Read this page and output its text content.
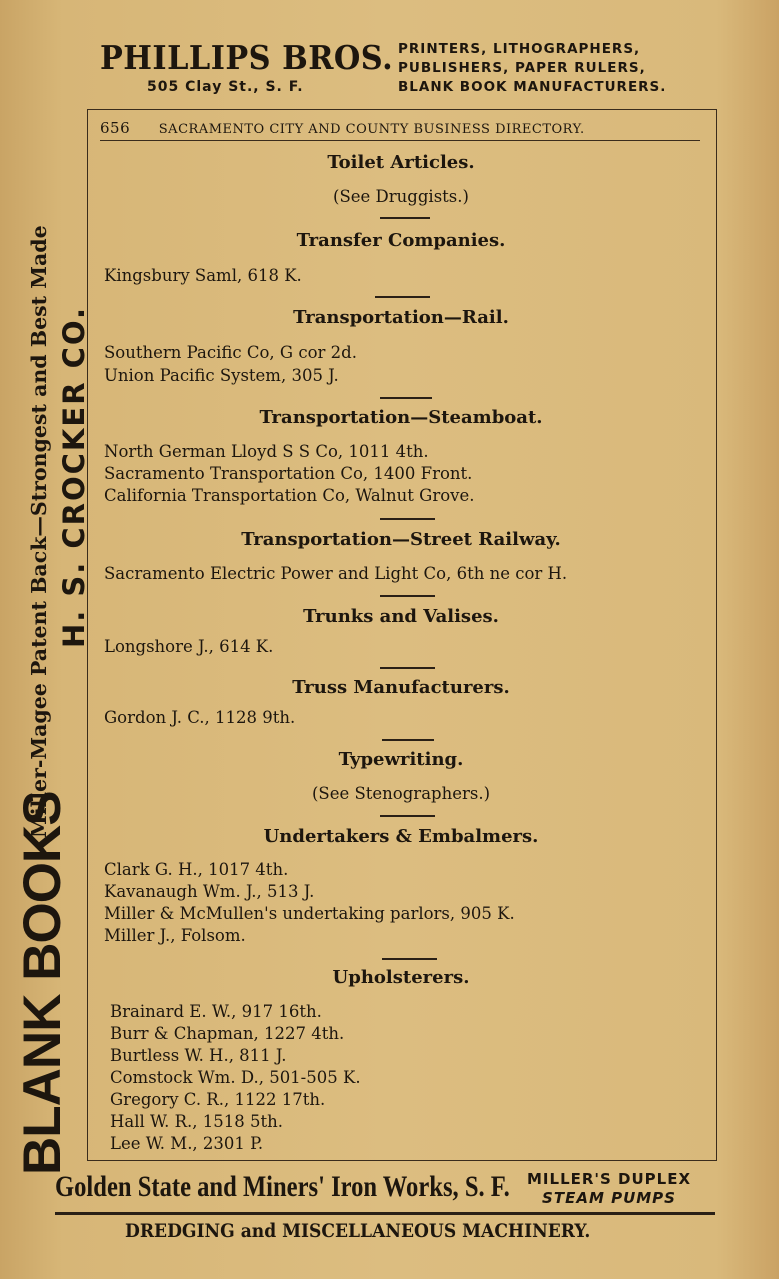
PHILLIPS BROS.
505 Clay St., S. F.
PRINTERS, LITHOGRAPHERS,
PUBLISHERS, PAPER RULERS,
BLANK BOOK MANUFACTURERS.
BLANK BOOKS
Miller-Magee Patent Back—Strongest and Best Made H. S. CROCKER CO.
656 SACRAMENTO CITY AND COUNTY BUSINESS DIRECTORY.
Toilet Articles.
(See Druggists.)
Transfer Companies.
Kingsbury Saml, 618 K.
Transportation—Rail.
Southern Pacific Co, G cor 2d.
Union Pacific System, 305 J.
Transportation—Steamboat.
North German Lloyd S S Co, 1011 4th.
Sacramento Transportation Co, 1400 Front.
California Transportation Co, Walnut Grove.
Transportation—Street Railway.
Sacramento Electric Power and Light Co, 6th ne cor H.
Trunks and Valises.
Longshore J., 614 K.
Truss Manufacturers.
Gordon J. C., 1128 9th.
Typewriting.
(See Stenographers.)
Undertakers & Embalmers.
Clark G. H., 1017 4th.
Kavanaugh Wm. J., 513 J.
Miller & McMullen's undertaking parlors, 905 K.
Miller J., Folsom.
Upholsterers.
Brainard E. W., 917 16th.
Burr & Chapman, 1227 4th.
Burtless W. H., 811 J.
Comstock Wm. D., 501-505 K.
Gregory C. R., 1122 17th.
Hall W. R., 1518 5th.
Lee W. M., 2301 P.
Golden State and Miners' Iron Works, S. F. MILLER'S DUPLEX
STEAM PUMPS
DREDGING and MISCELLANEOUS MACHINERY.
